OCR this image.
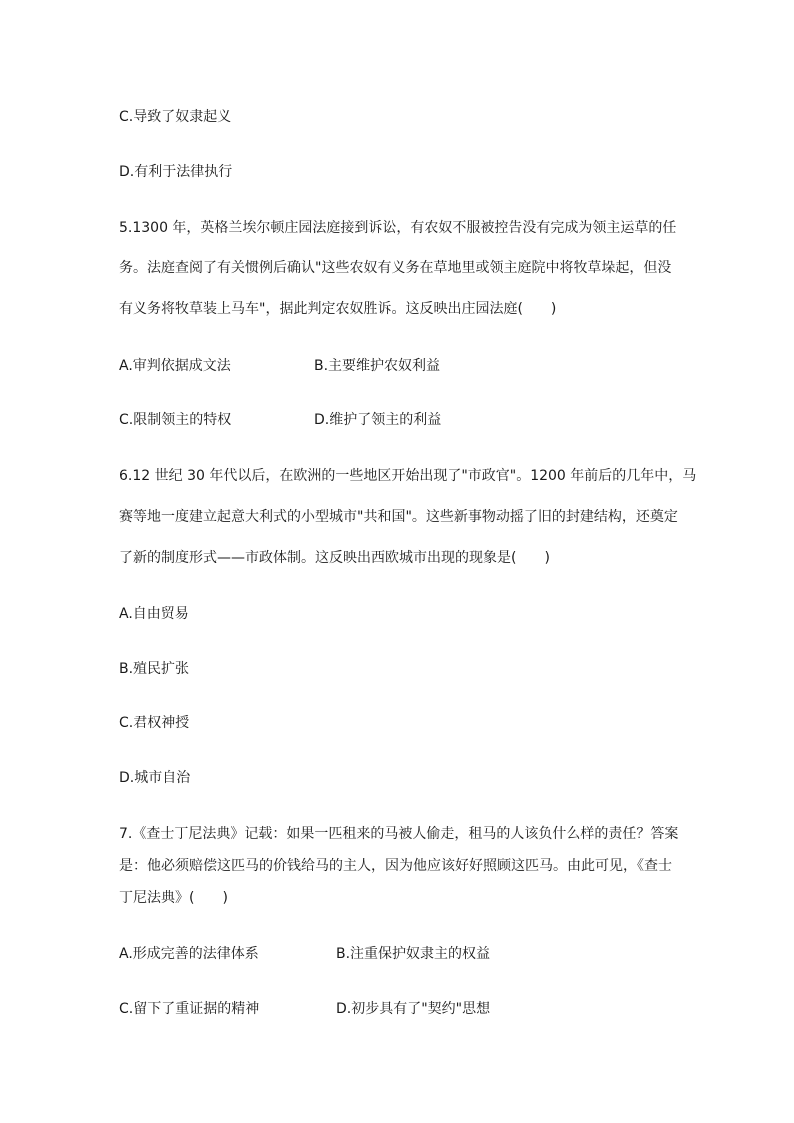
C.导致了奴隶起义
D.有利于法律执行
5.1300 年，英格兰埃尔顿庄园法庭接到诉讼，有农奴不服被控告没有完成为领主运草的任
务。法庭查阅了有关惯例后确认"这些农奴有义务在草地里或领主庭院中将牧草垛起，但没
有义务将牧草装上马车"，据此判定农奴胜诉。这反映出庄园法庭(　　)
A.审判依据成文法	B.主要维护农奴利益
C.限制领主的特权	D.维护了领主的利益
6.12 世纪 30 年代以后，在欧洲的一些地区开始出现了"市政官"。1200 年前后的几年中，马
赛等地一度建立起意大利式的小型城市"共和国"。这些新事物动摇了旧的封建结构，还奠定
了新的制度形式——市政体制。这反映出西欧城市出现的现象是(　　)
A.自由贸易
B.殖民扩张
C.君权神授
D.城市自治
7.《查士丁尼法典》记载：如果一匹租来的马被人偷走，租马的人该负什么样的责任？答案
是：他必须赔偿这匹马的价钱给马的主人，因为他应该好好照顾这匹马。由此可见，《查士
丁尼法典》(　　)
A.形成完善的法律体系	B.注重保护奴隶主的权益
C.留下了重证据的精神	D.初步具有了"契约"思想
